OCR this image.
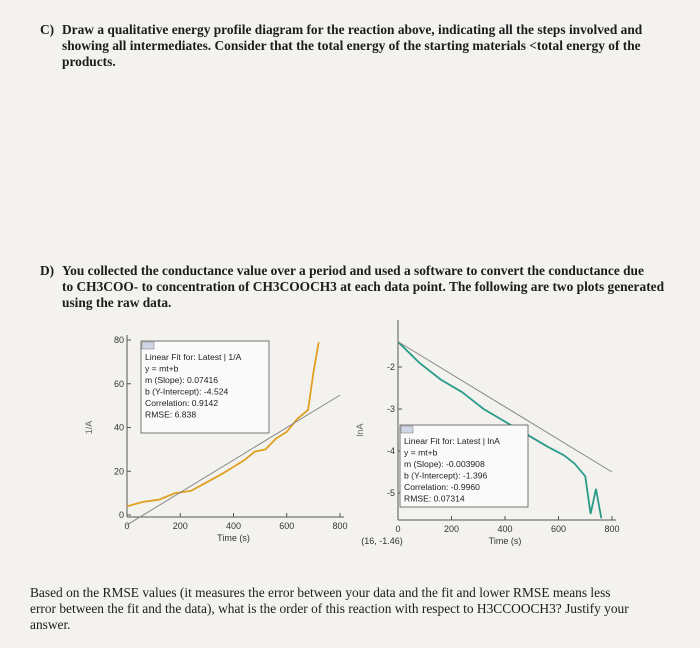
C) Draw a qualitative energy profile diagram for the reaction above, indicating all the steps involved and
showing all intermediates. Consider that the total energy of the starting materials <total energy of the
products.
D) You collected the conductance value over a period and used a software to convert the conductance due
to CH3COO- to concentration of CH3COOCH3 at each data point. The following are two plots generated
using the raw data.
0	200	400	600	800
0
20
40
60
80
Time (s)
1/A
Linear Fit for: Latest | 1/A
y = mt+b
m (Slope): 0.07416
b (Y-Intercept): -4.524
Correlation: 0.9142
RMSE: 6.838
0	200	400	600	800
-2
-3
-4
-5
Time (s)
lnA
Linear Fit for: Latest | lnA
y = mt+b
m (Slope): -0.003908
b (Y-Intercept): -1.396
Correlation: -0.9960
RMSE: 0.07314
(16, -1.46)
Based on the RMSE values (it measures the error between your data and the fit and lower RMSE means less
error between the fit and the data), what is the order of this reaction with respect to H3CCOOCH3? Justify your
answer.
